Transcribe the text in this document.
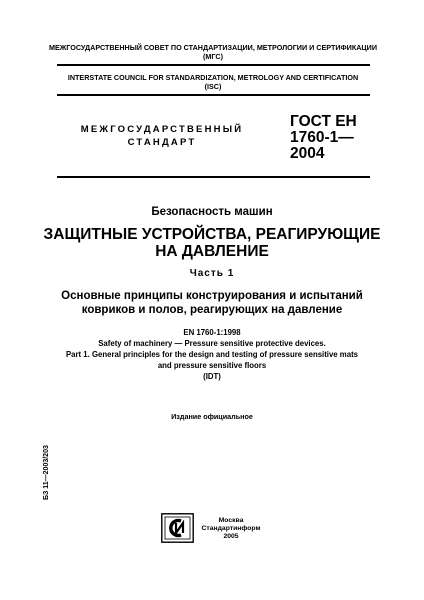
МЕЖГОСУДАРСТВЕННЫЙ СОВЕТ ПО СТАНДАРТИЗАЦИИ, МЕТРОЛОГИИ И СЕРТИФИКАЦИИ
(МГС)
INTERSTATE COUNCIL FOR STANDARDIZATION, METROLOGY AND CERTIFICATION
(ISC)
МЕЖГОСУДАРСТВЕННЫЙ
СТАНДАРТ
ГОСТ ЕН
1760-1—
2004
Безопасность машин
ЗАЩИТНЫЕ УСТРОЙСТВА, РЕАГИРУЮЩИЕ
НА ДАВЛЕНИЕ
Часть 1
Основные принципы конструирования и испытаний
ковриков и полов, реагирующих на давление
EN 1760-1:1998
Safety of machinery — Pressure sensitive protective devices.
Part 1. General principles for the design and testing of pressure sensitive mats
and pressure sensitive floors
(IDT)
Издание официальное
БЗ 11—2003/203
Москва
Стандартинформ
2005
